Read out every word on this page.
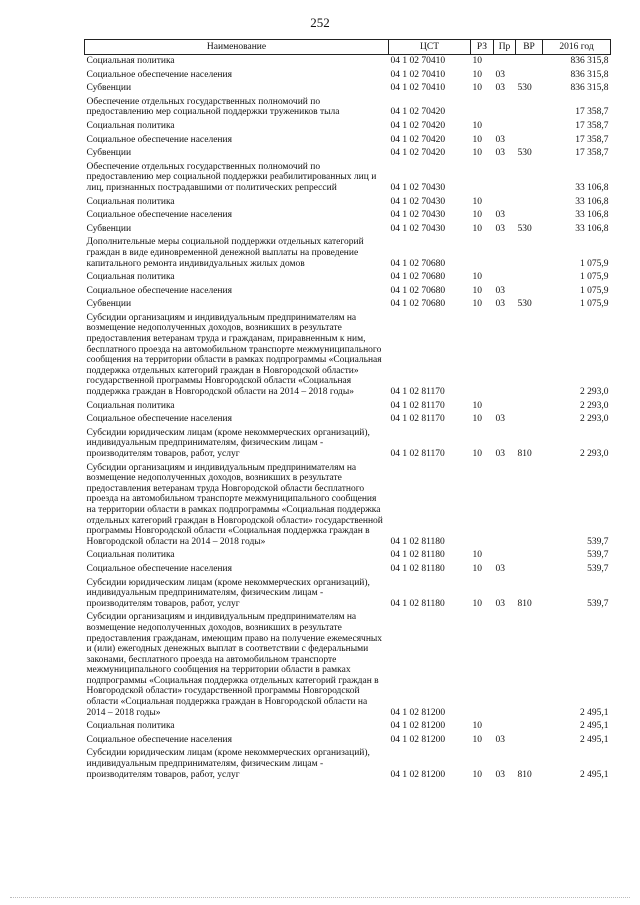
252
Наименование	ЦСТ	РЗ	Пр	ВР	2016 год
Социальная политика	04 1 02 70410	10			836 315,8
Социальное обеспечение населения	04 1 02 70410	10	03		836 315,8
Субвенции	04 1 02 70410	10	03	530	836 315,8
Обеспечение отдельных государственных полномочий по предоставлению мер социальной поддержки тружеников тыла	04 1 02 70420				17 358,7
Социальная политика	04 1 02 70420	10			17 358,7
Социальное обеспечение населения	04 1 02 70420	10	03		17 358,7
Субвенции	04 1 02 70420	10	03	530	17 358,7
Обеспечение отдельных государственных полномочий по предоставлению мер социальной поддержки реабилитированных лиц и лиц, признанных пострадавшими от политических репрессий	04 1 02 70430				33 106,8
Социальная политика	04 1 02 70430	10			33 106,8
Социальное обеспечение населения	04 1 02 70430	10	03		33 106,8
Субвенции	04 1 02 70430	10	03	530	33 106,8
Дополнительные меры социальной поддержки отдельных категорий граждан в виде единовременной денежной выплаты на проведение капитального ремонта индивидуальных жилых домов	04 1 02 70680				1 075,9
Социальная политика	04 1 02 70680	10			1 075,9
Социальное обеспечение населения	04 1 02 70680	10	03		1 075,9
Субвенции	04 1 02 70680	10	03	530	1 075,9
Субсидии организациям и индивидуальным предпринимателям на возмещение недополученных доходов, возникших в результате предоставления ветеранам труда и гражданам, приравненным к ним, бесплатного проезда на автомобильном транспорте межмуниципального сообщения на территории области в рамках подпрограммы «Социальная поддержка отдельных категорий граждан в Новгородской области» государственной программы Новгородской области «Социальная поддержка граждан в Новгородской области на 2014 – 2018 годы»	04 1 02 81170				2 293,0
Социальная политика	04 1 02 81170	10			2 293,0
Социальное обеспечение населения	04 1 02 81170	10	03		2 293,0
Субсидии юридическим лицам (кроме некоммерческих организаций), индивидуальным предпринимателям, физическим лицам - производителям товаров, работ, услуг	04 1 02 81170	10	03	810	2 293,0
Субсидии организациям и индивидуальным предпринимателям на возмещение недополученных доходов, возникших в результате предоставления ветеранам труда Новгородской области бесплатного проезда на автомобильном транспорте межмуниципального сообщения на территории области в рамках подпрограммы «Социальная поддержка отдельных категорий граждан в Новгородской области» государственной программы Новгородской области «Социальная поддержка граждан в Новгородской области на 2014 – 2018 годы»	04 1 02 81180				539,7
Социальная политика	04 1 02 81180	10			539,7
Социальное обеспечение населения	04 1 02 81180	10	03		539,7
Субсидии юридическим лицам (кроме некоммерческих организаций), индивидуальным предпринимателям, физическим лицам - производителям товаров, работ, услуг	04 1 02 81180	10	03	810	539,7
Субсидии организациям и индивидуальным предпринимателям на возмещение недополученных доходов, возникших в результате предоставления гражданам, имеющим право на получение ежемесячных и (или) ежегодных денежных выплат в соответствии с федеральными законами, бесплатного проезда на автомобильном транспорте межмуниципального сообщения на территории области в рамках подпрограммы «Социальная поддержка отдельных категорий граждан в Новгородской области» государственной программы Новгородской области «Социальная поддержка граждан в Новгородской области на 2014 – 2018 годы»	04 1 02 81200				2 495,1
Социальная политика	04 1 02 81200	10			2 495,1
Социальное обеспечение населения	04 1 02 81200	10	03		2 495,1
Субсидии юридическим лицам (кроме некоммерческих организаций), индивидуальным предпринимателям, физическим лицам - производителям товаров, работ, услуг	04 1 02 81200	10	03	810	2 495,1
